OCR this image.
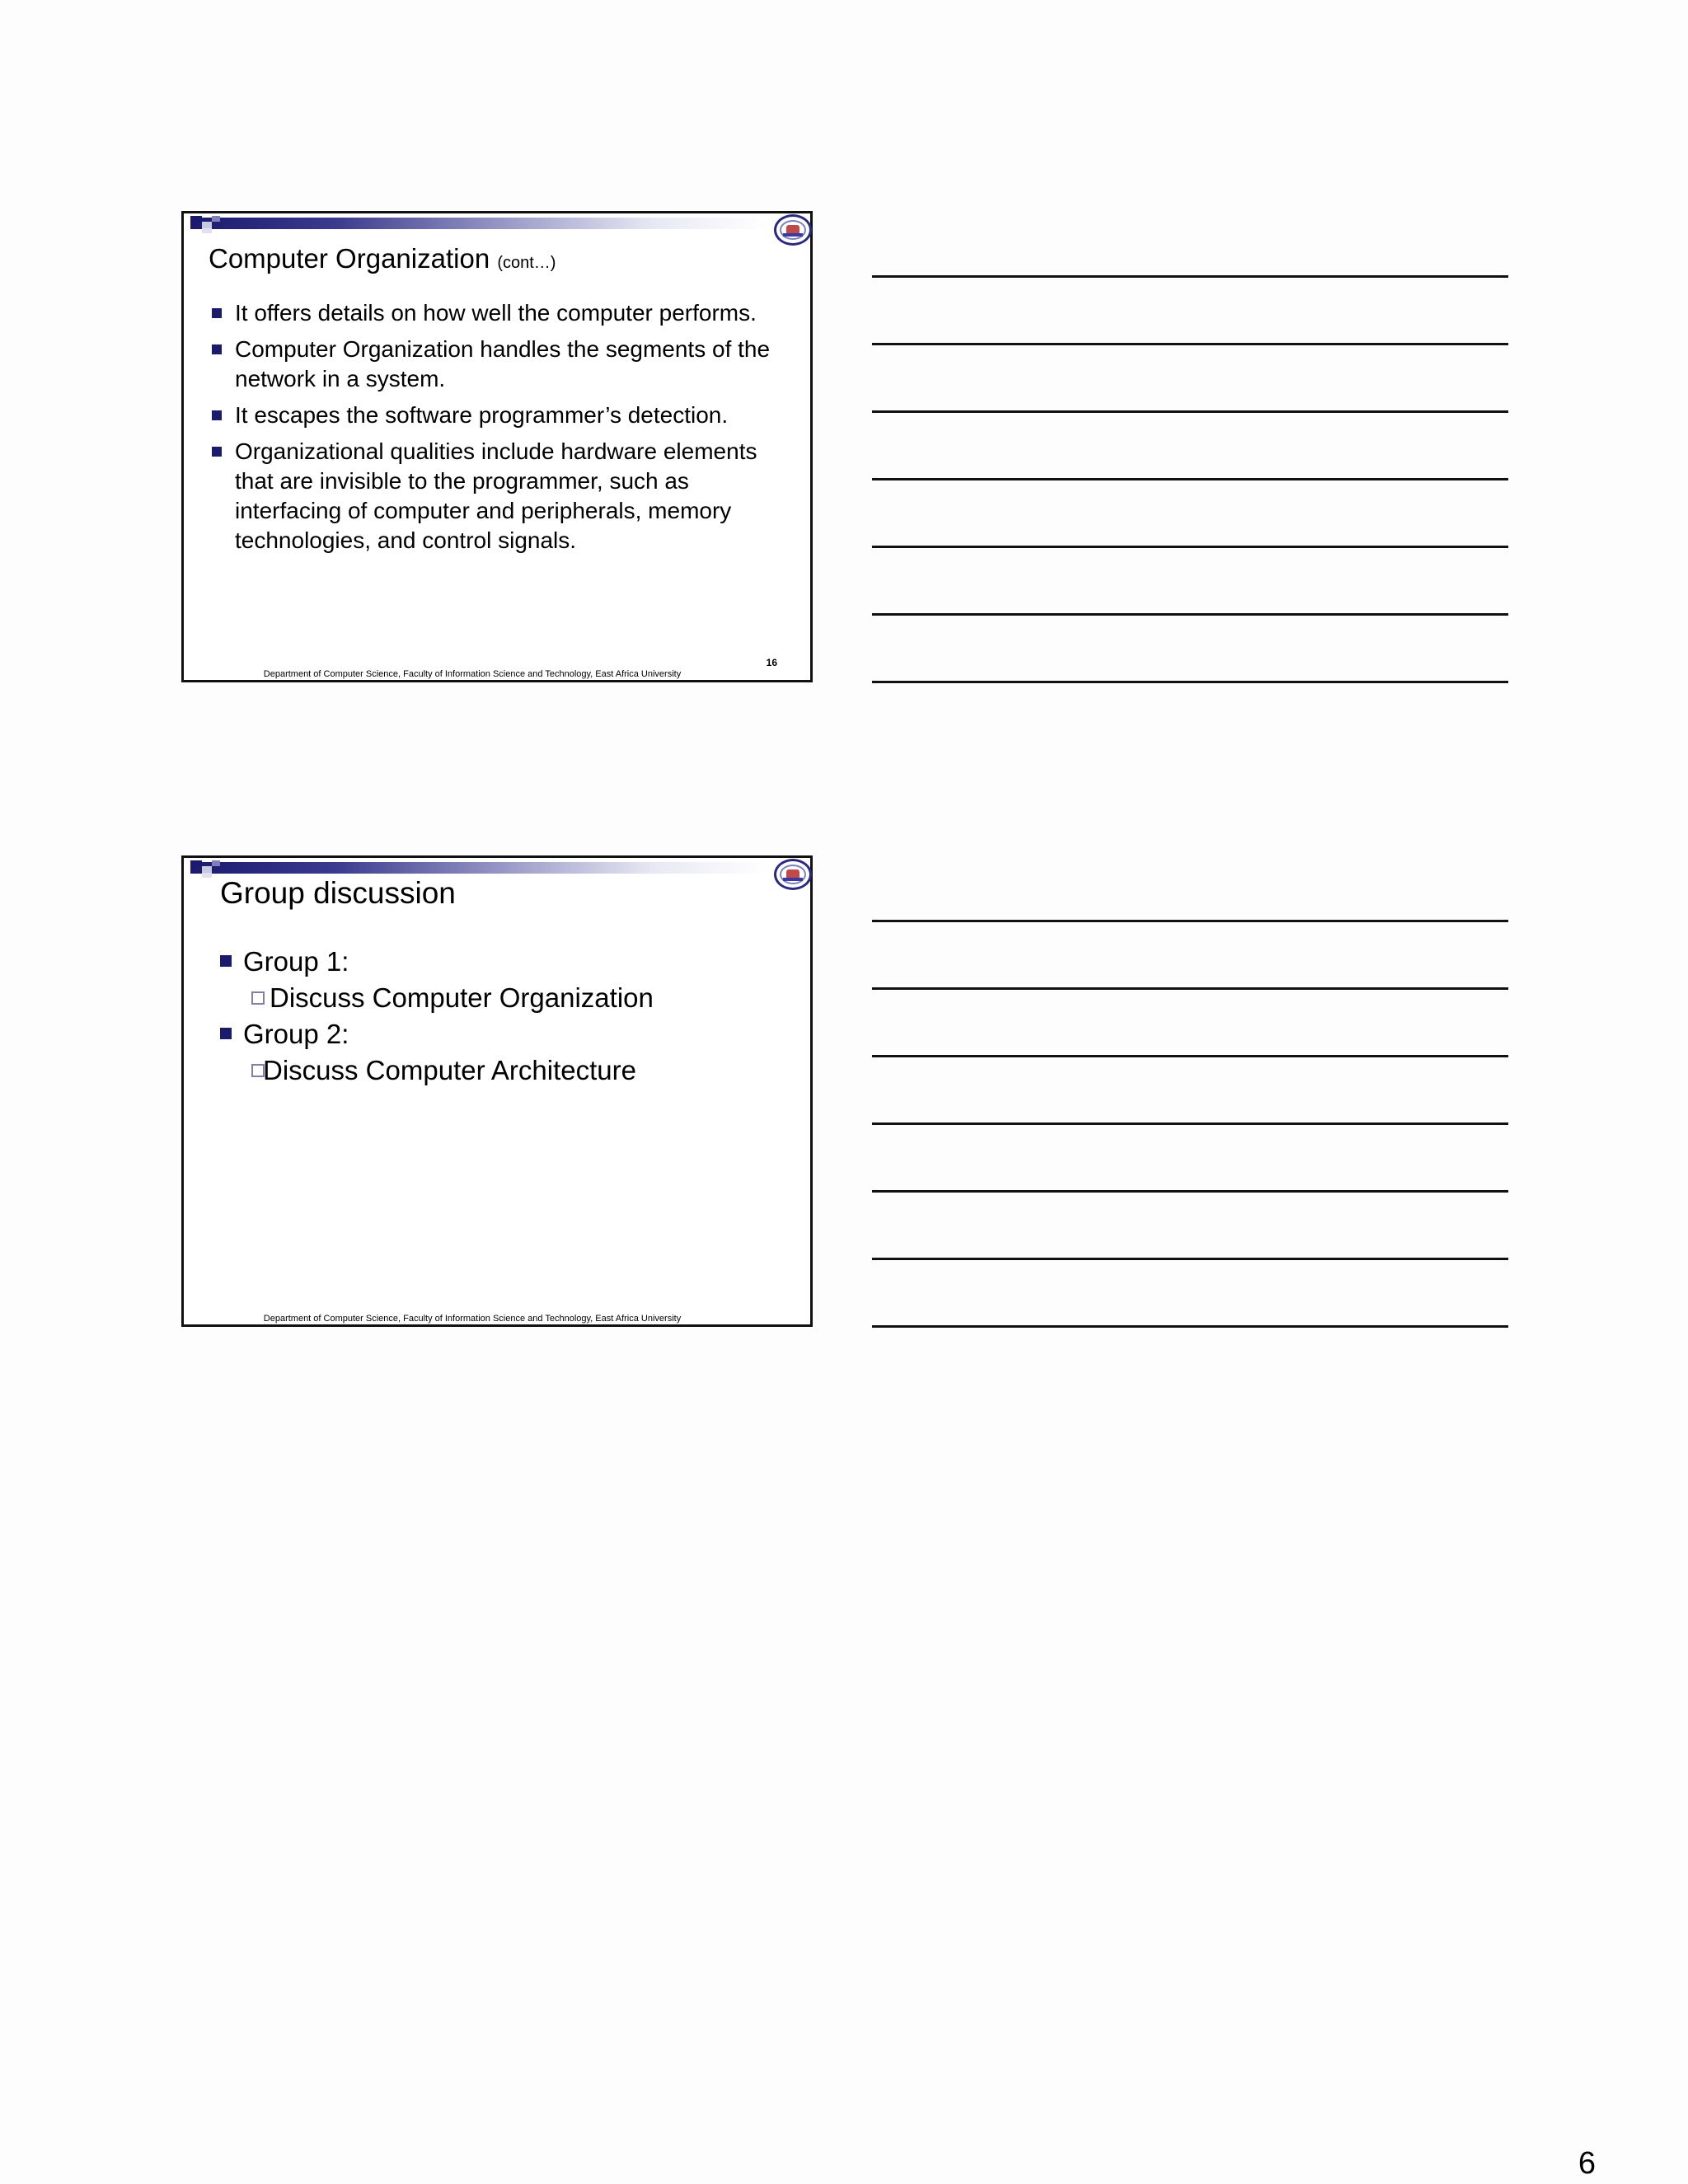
Computer Organization (cont…)
It offers details on how well the computer performs.
Computer Organization handles the segments of the network in a system.
It escapes the software programmer’s detection.
Organizational qualities include hardware elements that are invisible to the programmer, such as interfacing of computer and peripherals, memory technologies, and control signals.
16
Department of Computer Science, Faculty of Information Science and Technology, East Africa University
Group discussion
Group 1:
Discuss Computer Organization
Group 2:
Discuss Computer Architecture
Department of Computer Science, Faculty of Information Science and Technology, East Africa University
6
